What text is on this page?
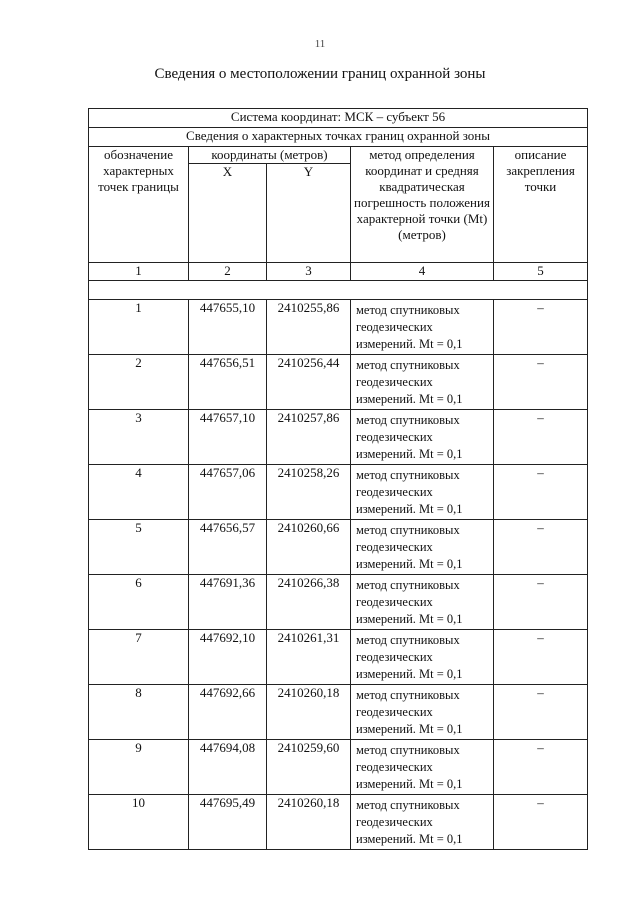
11
Сведения о местоположении границ охранной зоны
Система координат: МСК – субъект 56				
Сведения о характерных точках границ охранной зоны				
обозначение характерных точек границы	координаты (метров)		метод определения координат и средняя квадратическая погрешность положения характерной точки (Mt) (метров)	описание закрепления точки
	X	Y		
1	2	3	4	5

1	447655,10	2410255,86	метод спутниковых геодезических измерений. Mt = 0,1	–
2	447656,51	2410256,44	метод спутниковых геодезических измерений. Mt = 0,1	–
3	447657,10	2410257,86	метод спутниковых геодезических измерений. Mt = 0,1	–
4	447657,06	2410258,26	метод спутниковых геодезических измерений. Mt = 0,1	–
5	447656,57	2410260,66	метод спутниковых геодезических измерений. Mt = 0,1	–
6	447691,36	2410266,38	метод спутниковых геодезических измерений. Mt = 0,1	–
7	447692,10	2410261,31	метод спутниковых геодезических измерений. Mt = 0,1	–
8	447692,66	2410260,18	метод спутниковых геодезических измерений. Mt = 0,1	–
9	447694,08	2410259,60	метод спутниковых геодезических измерений. Mt = 0,1	–
10	447695,49	2410260,18	метод спутниковых геодезических измерений. Mt = 0,1	–
